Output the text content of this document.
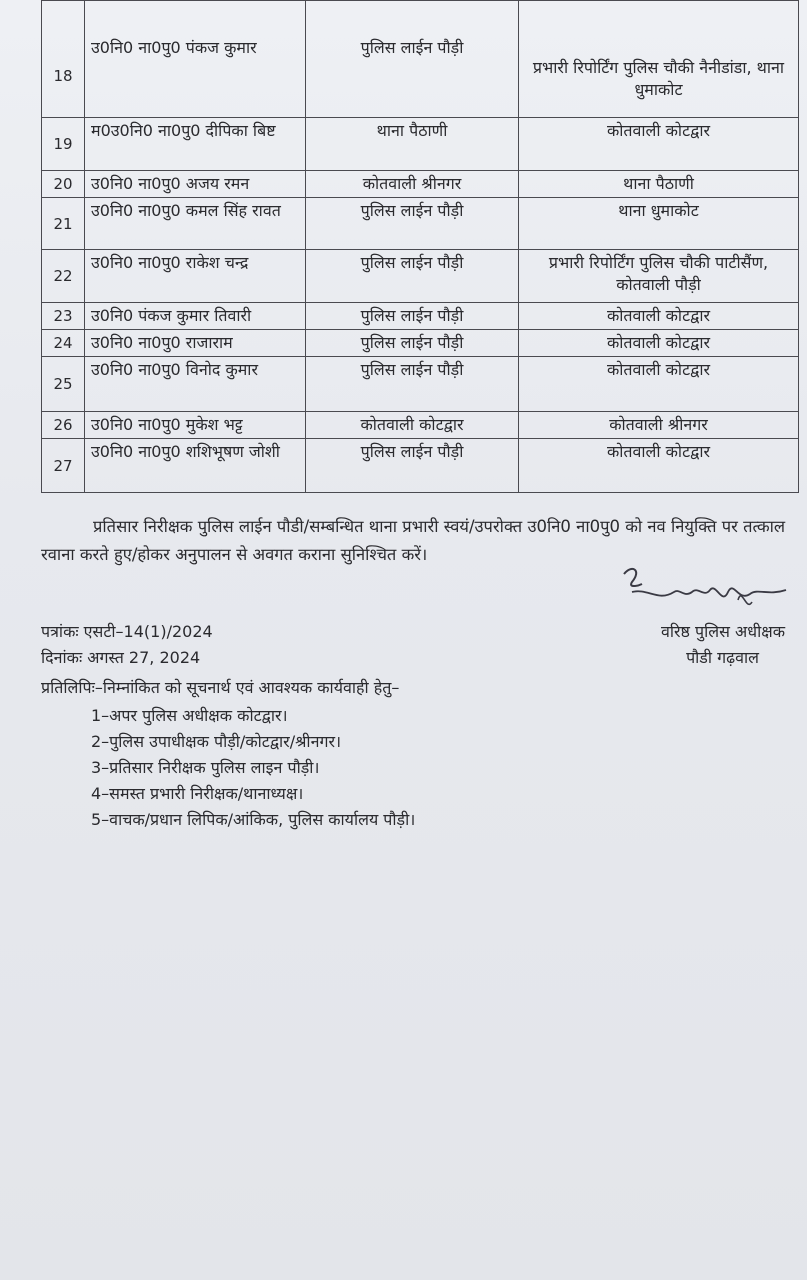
18	उ0नि0 ना0पु0 पंकज कुमार	पुलिस लाईन पौड़ी	प्रभारी रिपोर्टिंग पुलिस चौकी नैनीडांडा, थाना धुमाकोट
19	म0उ0नि0 ना0पु0 दीपिका बिष्ट	थाना पैठाणी	कोतवाली कोटद्वार
20	उ0नि0 ना0पु0 अजय रमन	कोतवाली श्रीनगर	थाना पैठाणी
21	उ0नि0 ना0पु0 कमल सिंह रावत	पुलिस लाईन पौड़ी	थाना धुमाकोट
22	उ0नि0 ना0पु0 राकेश चन्द्र	पुलिस लाईन पौड़ी	प्रभारी रिपोर्टिंग पुलिस चौकी पाटीसैंण, कोतवाली पौड़ी
23	उ0नि0 पंकज कुमार तिवारी	पुलिस लाईन पौड़ी	कोतवाली कोटद्वार
24	उ0नि0 ना0पु0 राजाराम	पुलिस लाईन पौड़ी	कोतवाली कोटद्वार
25	उ0नि0 ना0पु0 विनोद कुमार	पुलिस लाईन पौड़ी	कोतवाली कोटद्वार
26	उ0नि0 ना0पु0 मुकेश भट्ट	कोतवाली कोटद्वार	कोतवाली श्रीनगर
27	उ0नि0 ना0पु0 शशिभूषण जोशी	पुलिस लाईन पौड़ी	कोतवाली कोटद्वार
प्रतिसार निरीक्षक पुलिस लाईन पौडी/सम्बन्धित थाना प्रभारी स्वयं/उपरोक्त उ0नि0 ना0पु0 को नव नियुक्ति पर तत्काल रवाना करते हुए/होकर अनुपालन से अवगत कराना सुनिश्चित करें।
पत्रांकः एसटी–14(1)/2024
दिनांकः अगस्त 27, 2024
वरिष्ठ पुलिस अधीक्षक
पौडी गढ़वाल
प्रतिलिपिः–निम्नांकित को सूचनार्थ एवं आवश्यक कार्यवाही हेतु–
1–अपर पुलिस अधीक्षक कोटद्वार।
2–पुलिस उपाधीक्षक पौड़ी/कोटद्वार/श्रीनगर।
3–प्रतिसार निरीक्षक पुलिस लाइन पौड़ी।
4–समस्त प्रभारी निरीक्षक/थानाध्यक्ष।
5–वाचक/प्रधान लिपिक/आंकिक, पुलिस कार्यालय पौड़ी।
